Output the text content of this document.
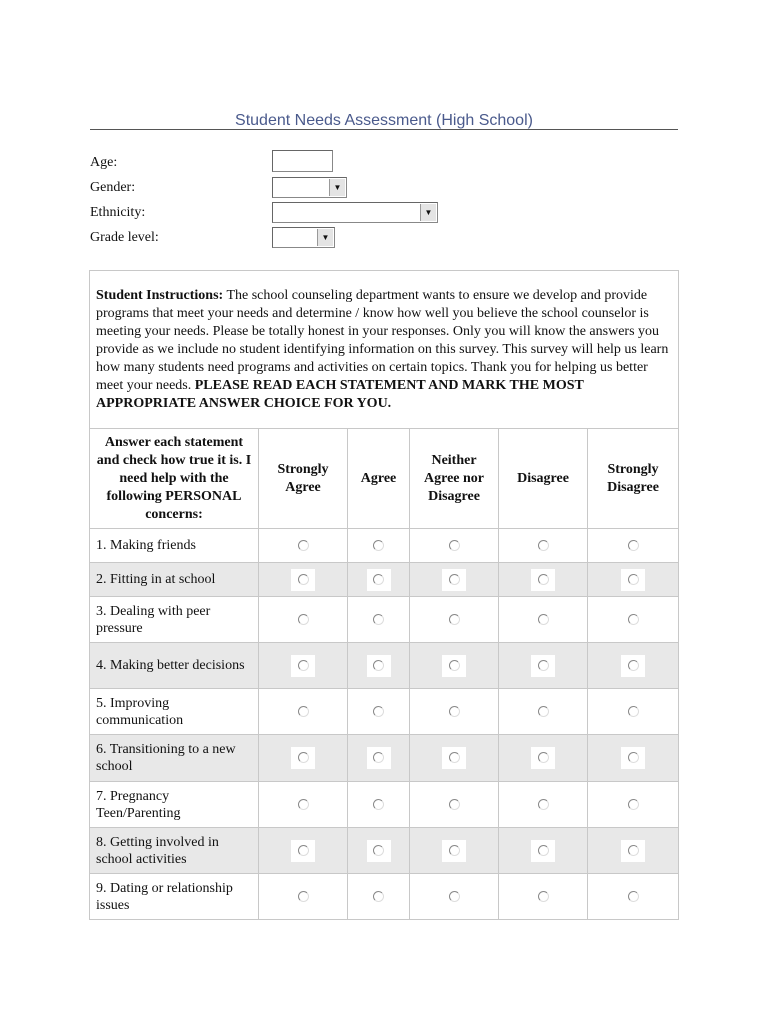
Student Needs Assessment (High School)
Age:
Gender:	▼
Ethnicity:	▼
Grade level:	▼
Student Instructions: The school counseling department wants to ensure we develop and provide programs that meet your needs and determine / know how well you believe the school counselor is meeting your needs. Please be totally honest in your responses. Only you will know the answers you provide as we include no student identifying information on this survey. This survey will help us learn how many students need programs and activities on certain topics. Thank you for helping us better meet your needs. PLEASE READ EACH STATEMENT AND MARK THE MOST APPROPRIATE ANSWER CHOICE FOR YOU.					
Answer each statement and check how true it is. I need help with the following PERSONAL concerns:	Strongly Agree	Agree	Neither Agree nor Disagree	Disagree	Strongly Disagree
1. Making friends					
2. Fitting in at school					
3. Dealing with peer pressure					
4. Making better decisions					
5. Improving communication					
6. Transitioning to a new school					
7. Pregnancy Teen/Parenting					
8. Getting involved in school activities					
9. Dating or relationship issues					
